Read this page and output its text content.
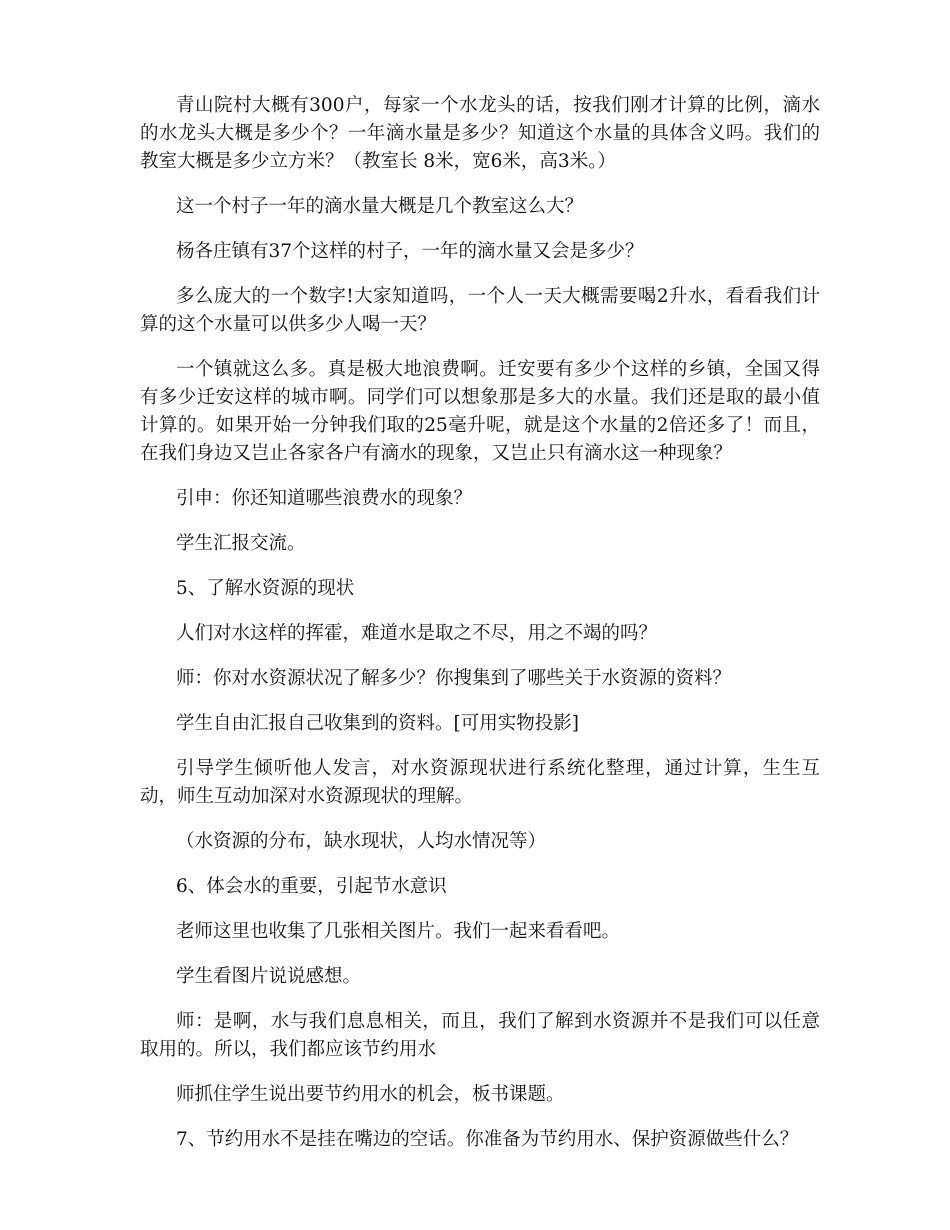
青山院村大概有300户，每家一个水龙头的话，按我们刚才计算的比例，滴水的水龙头大概是多少个？一年滴水量是多少？知道这个水量的具体含义吗。我们的教室大概是多少立方米？（教室长 8米，宽6米，高3米。）

这一个村子一年的滴水量大概是几个教室这么大？

杨各庄镇有37个这样的村子，一年的滴水量又会是多少？

多么庞大的一个数字!大家知道吗，一个人一天大概需要喝2升水，看看我们计算的这个水量可以供多少人喝一天？

一个镇就这么多。真是极大地浪费啊。迁安要有多少个这样的乡镇，全国又得有多少迁安这样的城市啊。同学们可以想象那是多大的水量。我们还是取的最小值计算的。如果开始一分钟我们取的25毫升呢，就是这个水量的2倍还多了！而且，在我们身边又岂止各家各户有滴水的现象，又岂止只有滴水这一种现象？

引申：你还知道哪些浪费水的现象？

学生汇报交流。

5、了解水资源的现状

人们对水这样的挥霍，难道水是取之不尽，用之不竭的吗？

师：你对水资源状况了解多少？你搜集到了哪些关于水资源的资料？

学生自由汇报自己收集到的资料。[可用实物投影]

引导学生倾听他人发言，对水资源现状进行系统化整理，通过计算，生生互动，师生互动加深对水资源现状的理解。

（水资源的分布，缺水现状，人均水情况等）

6、体会水的重要，引起节水意识

老师这里也收集了几张相关图片。我们一起来看看吧。

学生看图片说说感想。

师：是啊，水与我们息息相关，而且，我们了解到水资源并不是我们可以任意取用的。所以，我们都应该节约用水

师抓住学生说出要节约用水的机会，板书课题。

7、节约用水不是挂在嘴边的空话。你准备为节约用水、保护资源做些什么？
